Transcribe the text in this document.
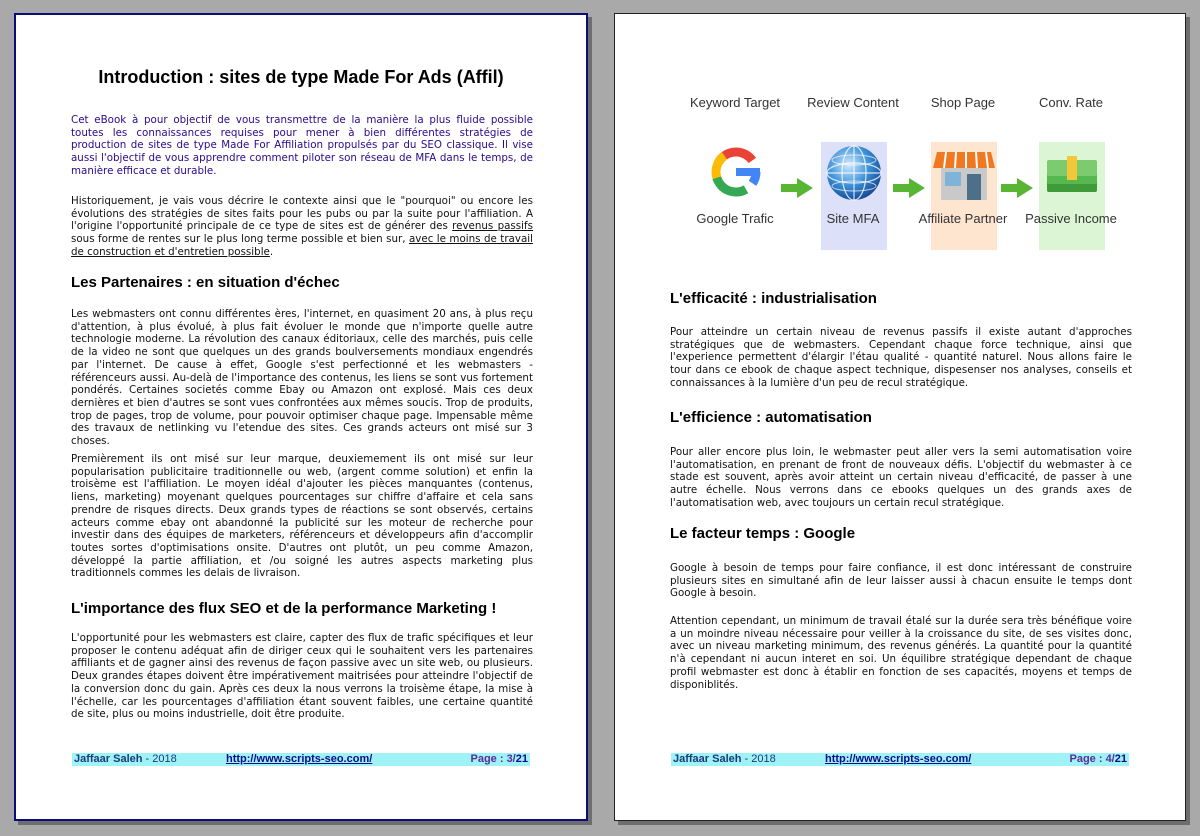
Introduction : sites de type Made For Ads (Affil)

Cet eBook à pour objectif de vous transmettre de la manière la plus fluide possible toutes les connaissances requises pour mener à bien différentes stratégies de production de sites de type Made For Affiliation propulsés par du SEO classique. Il vise aussi l'objectif de vous apprendre comment piloter son réseau de MFA dans le temps, de manière efficace et durable.

Historiquement, je vais vous décrire le contexte ainsi que le "pourquoi" ou encore les évolutions des stratégies de sites faits pour les pubs ou par la suite pour l'affiliation. A l'origine l'opportunité principale de ce type de sites est de générer des revenus passifs sous forme de rentes sur le plus long terme possible et bien sur, avec le moins de travail de construction et d'entretien possible.

Les Partenaires : en situation d'échec

Les webmasters ont connu différentes ères, l'internet, en quasiment 20 ans, à plus reçu d'attention, à plus évolué, à plus fait évoluer le monde que n'importe quelle autre technologie moderne. La révolution des canaux éditoriaux, celle des marchés, puis celle de la video ne sont que quelques un des grands boulversements mondiaux engendrés par l'internet. De cause à effet, Google s'est perfectionné et les webmasters - référenceurs aussi. Au-delà de l'importance des contenus, les liens se sont vus fortement pondérés. Certaines societés comme Ebay ou Amazon ont explosé. Mais ces deux dernières et bien d'autres se sont vues confrontées aux mêmes soucis. Trop de produits, trop de pages, trop de volume, pour pouvoir optimiser chaque page. Impensable même des travaux de netlinking vu l'etendue des sites. Ces grands acteurs ont misé sur 3 choses.

Premièrement ils ont misé sur leur marque, deuxiemement ils ont misé sur leur popularisation publicitaire traditionnelle ou web, (argent comme solution) et enfin la troisème est l'affiliation. Le moyen idéal d'ajouter les pièces manquantes (contenus, liens, marketing) moyenant quelques pourcentages sur chiffre d'affaire et cela sans prendre de risques directs. Deux grands types de réactions se sont observés, certains acteurs comme ebay ont abandonné la publicité sur les moteur de recherche pour investir dans des équipes de marketers, référenceurs et développeurs afin d'accomplir toutes sortes d'optimisations onsite. D'autres ont plutôt, un peu comme Amazon, développé la partie affiliation, et /ou soigné les autres aspects marketing plus traditionnels commes les delais de livraison.

L'importance des flux SEO et de la performance Marketing !

L'opportunité pour les webmasters est claire, capter des flux de trafic spécifiques et leur proposer le contenu adéquat afin de diriger ceux qui le souhaitent vers les partenaires affiliants et de gagner ainsi des revenus de façon passive avec un site web, ou plusieurs. Deux grandes étapes doivent être impérativement maitrisées pour atteindre l'objectif de la conversion donc du gain. Après ces deux la nous verrons la troisème étape, la mise à l'échelle, car les pourcentages d'affiliation étant souvent faibles, une certaine quantité de site, plus ou moins industrielle, doit être produite.

Jaffaar Saleh - 2018	http://www.scripts-seo.com/	Page : 3/21
Keyword Target
Google Trafic
Review Content
Site MFA
Shop Page
Affiliate Partner
Conv. Rate
Passive Income
L'efficacité : industrialisation

Pour atteindre un certain niveau de revenus passifs il existe autant d'approches stratégiques que de webmasters. Cependant chaque force technique, ainsi que l'experience permettent d'élargir l'étau qualité - quantité naturel. Nous allons faire le tour dans ce ebook de chaque aspect technique, dispesenser nos analyses, conseils et connaissances à la lumière d'un peu de recul stratégique.

L'efficience : automatisation

Pour aller encore plus loin, le webmaster peut aller vers la semi automatisation voire l'automatisation, en prenant de front de nouveaux défis. L'objectif du webmaster à ce stade est souvent, après avoir atteint un certain niveau d'efficacité, de passer à une autre échelle. Nous verrons dans ce ebooks quelques un des grands axes de l'automatisation web, avec toujours un certain recul stratégique.

Le facteur temps : Google

Google à besoin de temps pour faire confiance, il est donc intéressant de construire plusieurs sites en simultané afin de leur laisser aussi à chacun ensuite le temps dont Google à besoin.

Attention cependant, un minimum de travail étalé sur la durée sera très bénéfique voire a un moindre niveau nécessaire pour veiller à la croissance du site, de ses visites donc, avec un niveau marketing minimum, des revenus générés. La quantité pour la quantité n'à cependant ni aucun interet en soi. Un équilibre stratégique dependant de chaque profil webmaster est donc à établir en fonction de ses capacités, moyens et temps de disponiblités.

Jaffaar Saleh - 2018	http://www.scripts-seo.com/	Page : 4/21
